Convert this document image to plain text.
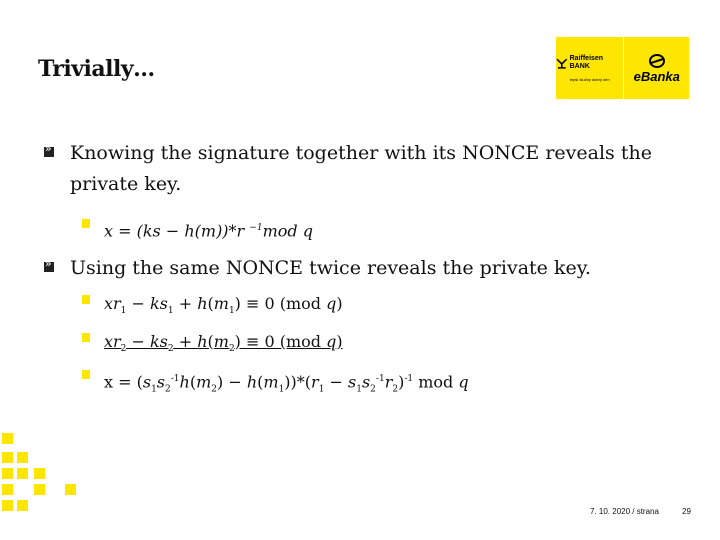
Trivially…	Raiffeisen BANK
tepší služby dobrý den eBanka
»
Knowing the signature together with its NONCE reveals the
private key.
x = (ks − h(m))*r $^{-1}$mod q
»
Using the same NONCE twice reveals the private key.
$xr_1 - ks_1 + h(m_1) \equiv 0$ (mod q)
$xr_2 - ks_2 + h(m_2) \equiv 0$ (mod q)
$x = (s_1s_2^{-1}h(m_2) - h(m_1))*(r_1 - s_1s_2^{-1}r_2)^{-1}$ mod q
7. 10. 2020 / strana	29
